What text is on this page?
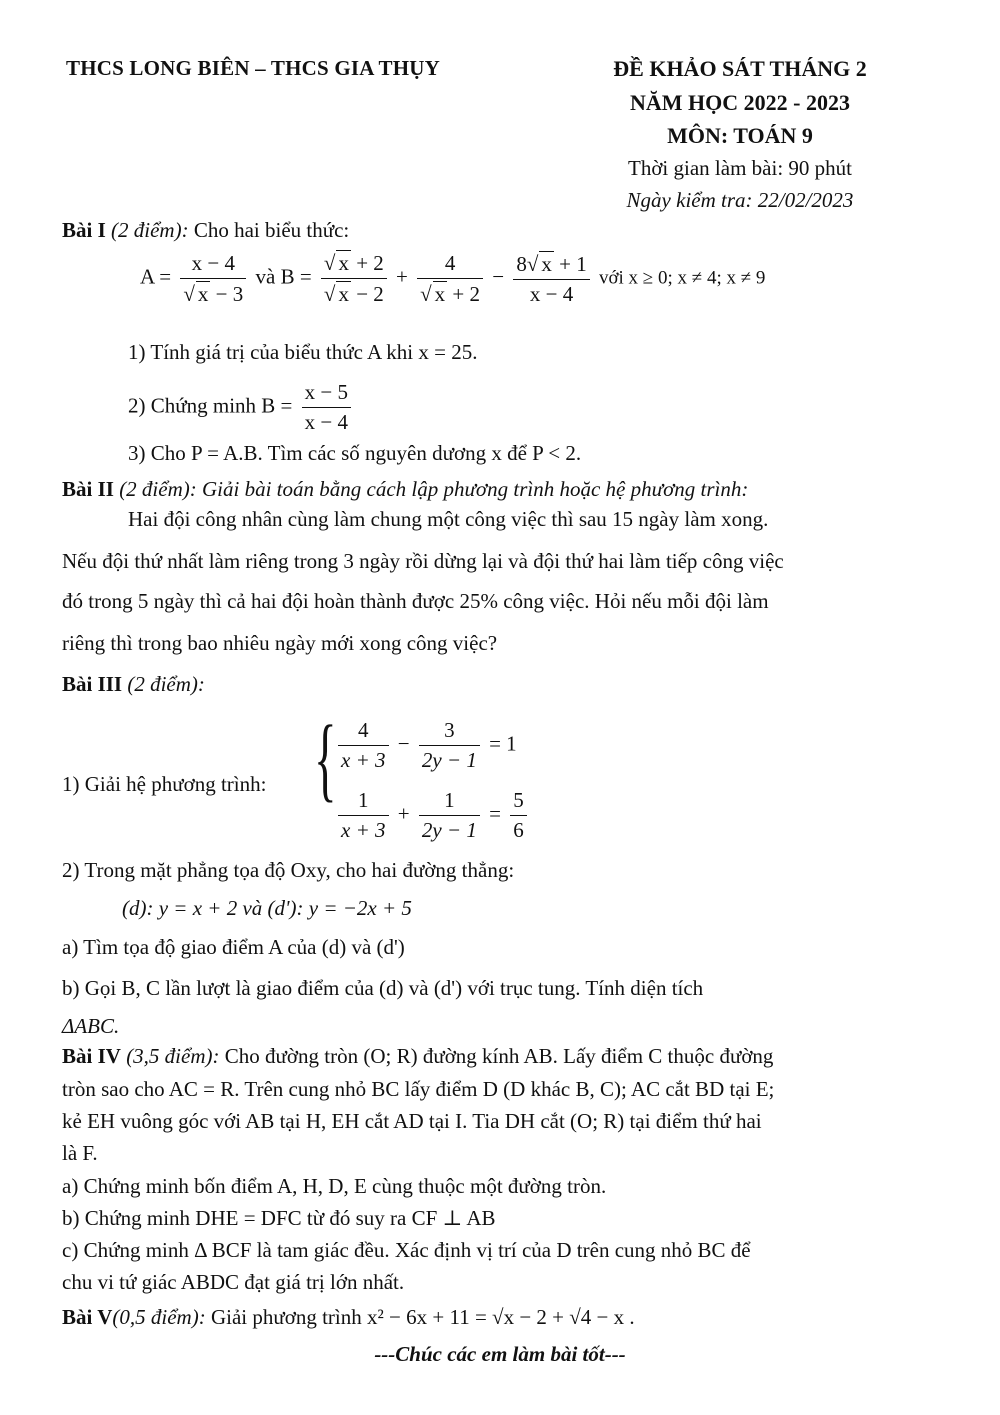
THCS LONG BIÊN – THCS GIA THỤY	ĐỀ KHẢO SÁT THÁNG 2
NĂM HỌC 2022 - 2023
MÔN: TOÁN 9
Thời gian làm bài: 90 phút
Ngày kiểm tra: 22/02/2023
Bài I (2 điểm): Cho hai biểu thức:
$A = \frac{x - 4}{√ x - 3}$ và $B = \frac{√ x + 2}{√ x - 2} + \frac{4}{√ x + 2} - \frac{8√ x + 1}{x - 4}$ với x ≥ 0; x ≠ 4; x ≠ 9
1) Tính giá trị của biểu thức A khi x = 25.
2) Chứng minh $B = \frac{x - 5}{x - 4}$
3) Cho P = A.B. Tìm các số nguyên dương x để P < 2.
Bài II (2 điểm): Giải bài toán bằng cách lập phương trình hoặc hệ phương trình:
Hai đội công nhân cùng làm chung một công việc thì sau 15 ngày làm xong.
Nếu đội thứ nhất làm riêng trong 3 ngày rồi dừng lại và đội thứ hai làm tiếp công việc
đó trong 5 ngày thì cả hai đội hoàn thành được 25% công việc. Hỏi nếu mỗi đội làm
riêng thì trong bao nhiêu ngày mới xong công việc?
Bài III (2 điểm):
1) Giải hệ phương trình: { $\frac{4}{x + 3} - \frac{3}{2y - 1} = 1$
$\frac{1}{x + 3} + \frac{1}{2y - 1} = \frac{5}{6}$
2) Trong mặt phẳng tọa độ Oxy, cho hai đường thẳng:
(d): y = x + 2 và (d'): y = −2x + 5
a) Tìm tọa độ giao điểm A của (d) và (d')
b) Gọi B, C lần lượt là giao điểm của (d) và (d') với trục tung. Tính diện tích
ΔABC.
Bài IV (3,5 điểm): Cho đường tròn (O; R) đường kính AB. Lấy điểm C thuộc đường
tròn sao cho AC = R. Trên cung nhỏ BC lấy điểm D (D khác B, C); AC cắt BD tại E;
kẻ EH vuông góc với AB tại H, EH cắt AD tại I. Tia DH cắt (O; R) tại điểm thứ hai
là F.
a) Chứng minh bốn điểm A, H, D, E cùng thuộc một đường tròn.
b) Chứng minh DHE = DFC từ đó suy ra CF ⊥ AB
c) Chứng minh Δ BCF là tam giác đều. Xác định vị trí của D trên cung nhỏ BC để
chu vi tứ giác ABDC đạt giá trị lớn nhất.
Bài V(0,5 điểm): Giải phương trình x² − 6x + 11 = √x − 2 + √4 − x .
---Chúc các em làm bài tốt---
